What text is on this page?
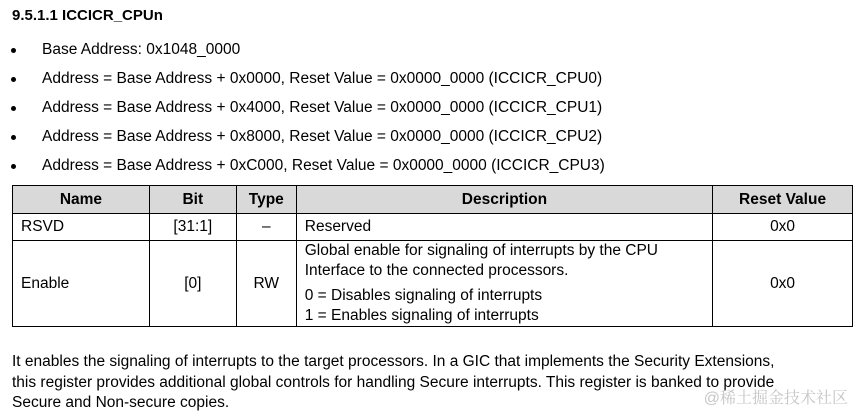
9.5.1.1 ICCICR_CPUn
Base Address: 0x1048_0000
Address = Base Address + 0x0000, Reset Value = 0x0000_0000 (ICCICR_CPU0)
Address = Base Address + 0x4000, Reset Value = 0x0000_0000 (ICCICR_CPU1)
Address = Base Address + 0x8000, Reset Value = 0x0000_0000 (ICCICR_CPU2)
Address = Base Address + 0xC000, Reset Value = 0x0000_0000 (ICCICR_CPU3)
Name	Bit	Type	Description	Reset Value
RSVD	[31:1]	–	Reserved	0x0
Enable	[0]	RW	Global enable for signaling of interrupts by the CPU
Interface to the connected processors.
0 = Disables signaling of interrupts
1 = Enables signaling of interrupts	0x0
It enables the signaling of interrupts to the target processors. In a GIC that implements the Security Extensions,
this register provides additional global controls for handling Secure interrupts. This register is banked to provide
Secure and Non-secure copies.	@稀土掘金技术社区
